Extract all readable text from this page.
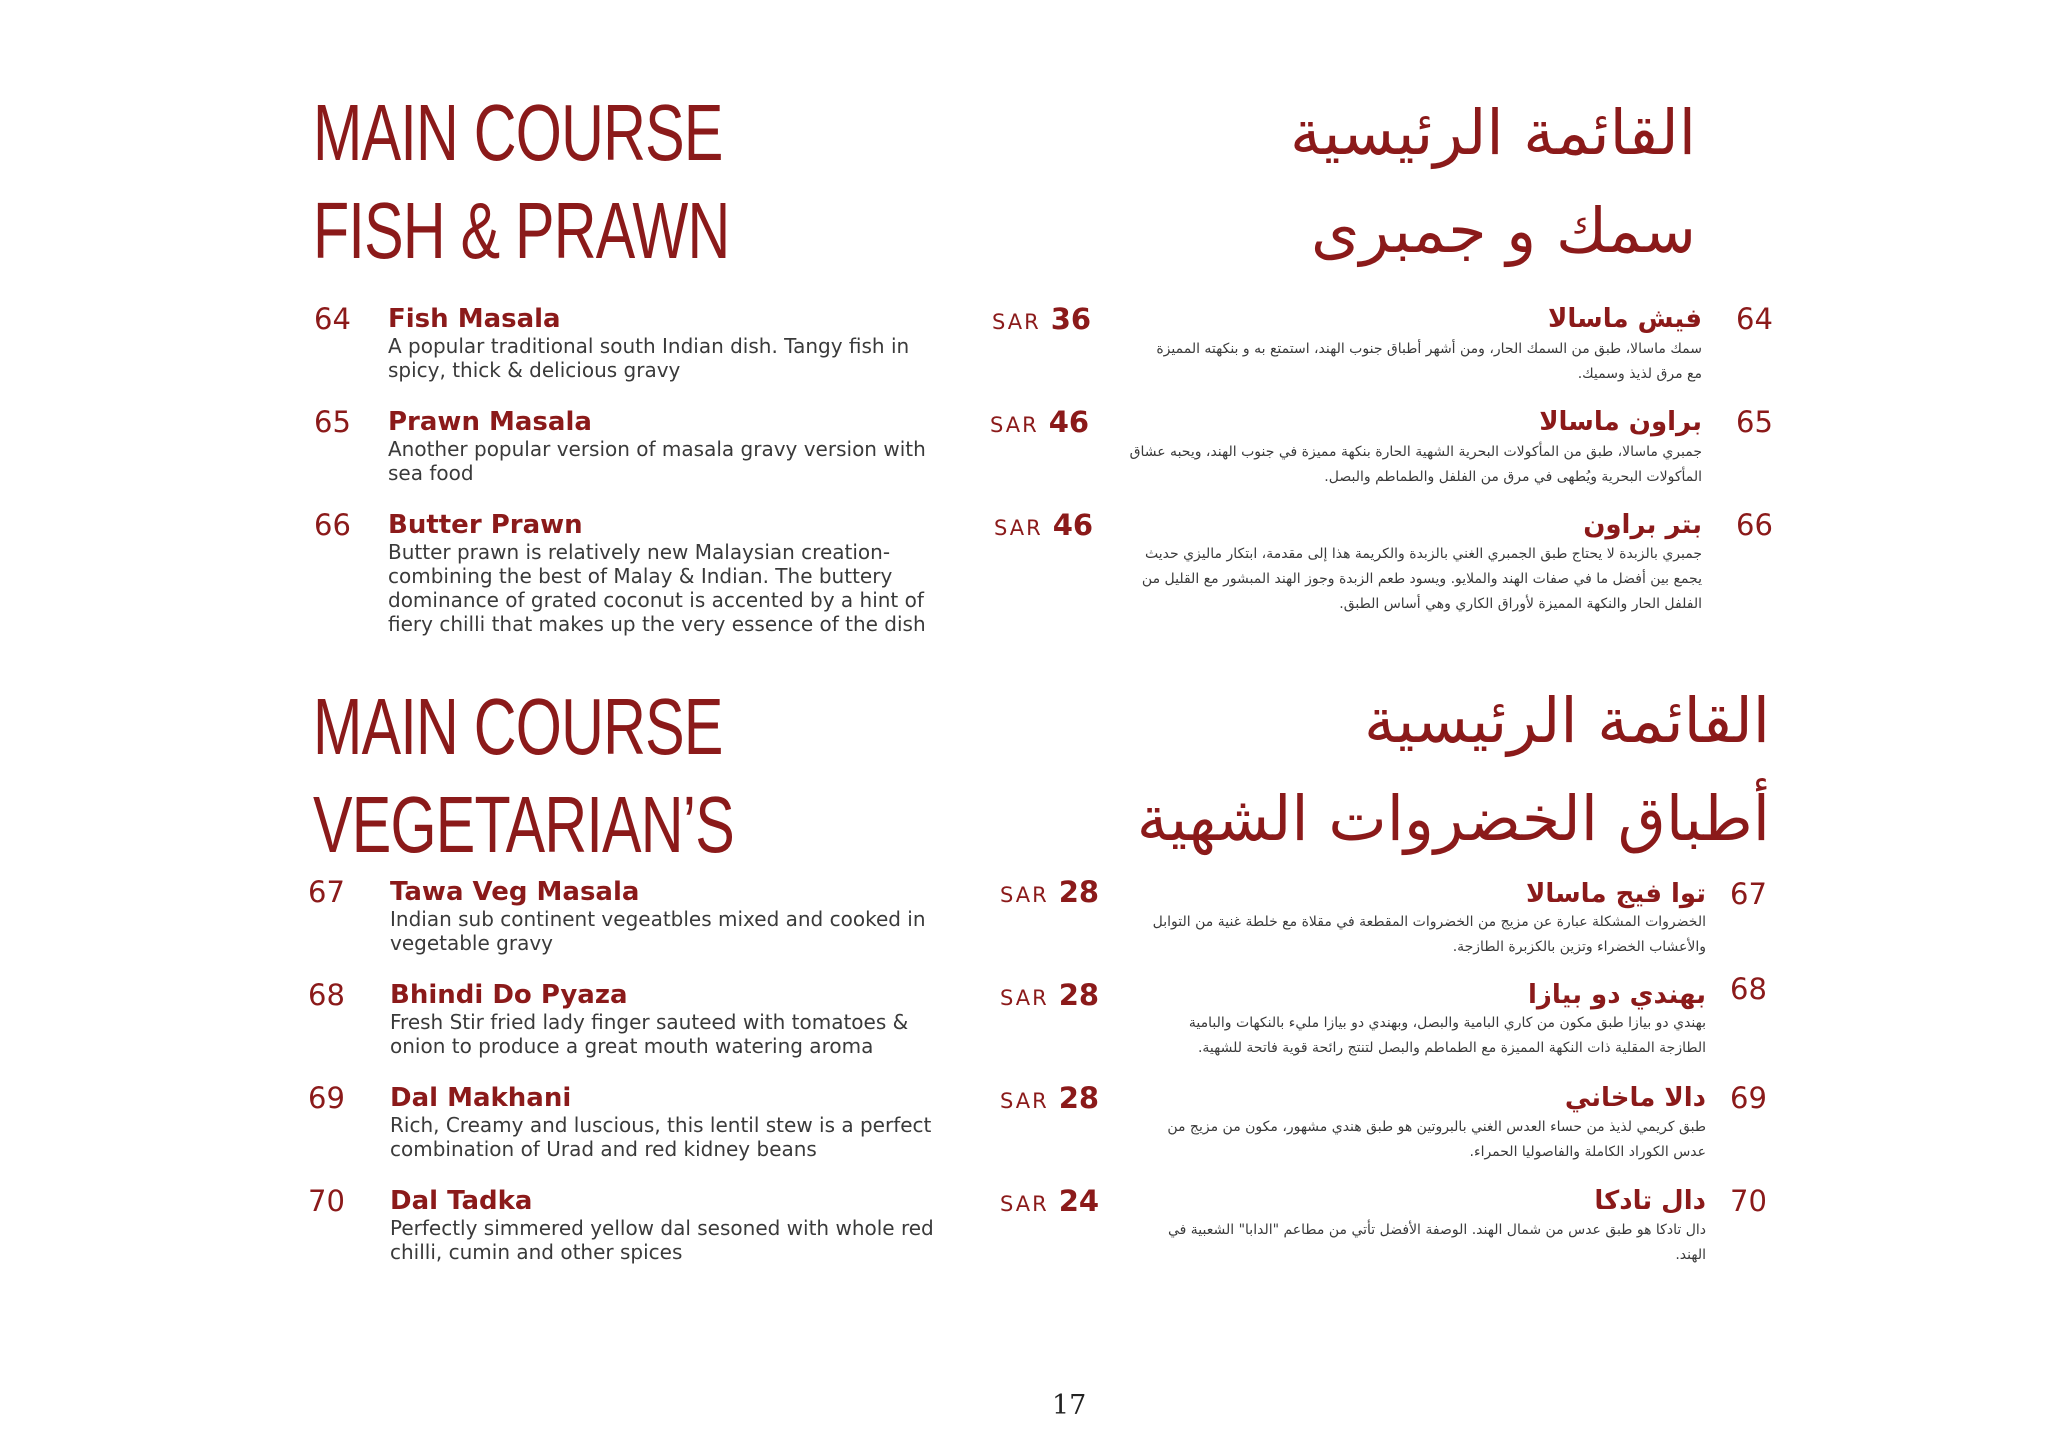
MAIN COURSE
FISH & PRAWN
القائمة الرئيسية
سمك و جمبرى
64 Fish Masala
A popular traditional south Indian dish. Tangy fish in spicy, thick & delicious gravy
SAR 36	64
فيش ماسالا
سمك ماسالا، طبق من السمك الحار، ومن أشهر أطباق جنوب الهند، استمتع به و بنكهته المميزة مع مرق لذيذ وسميك.
65 Prawn Masala
Another popular version of masala gravy version with sea food
SAR 46	65
براون ماسالا
جمبري ماسالا، طبق من المأكولات البحرية الشهية الحارة بنكهة مميزة في جنوب الهند، ويحبه عشاق المأكولات البحرية ويُطهى في مرق من الفلفل والطماطم والبصل.
66 Butter Prawn
Butter prawn is relatively new Malaysian creation- combining the best of Malay & Indian. The buttery dominance of grated coconut is accented by a hint of fiery chilli that makes up the very essence of the dish
SAR 46	66
بتر براون
جمبري بالزبدة لا يحتاج طبق الجمبري الغني بالزبدة والكريمة هذا إلى مقدمة، ابتكار ماليزي حديث يجمع بين أفضل ما في صفات الهند والملايو. ويسود طعم الزبدة وجوز الهند المبشور مع القليل من الفلفل الحار والنكهة المميزة لأوراق الكاري وهي أساس الطبق.
MAIN COURSE
VEGETARIAN’S
القائمة الرئيسية
أطباق الخضروات الشهية
67 Tawa Veg Masala
Indian sub continent vegeatbles mixed and cooked in vegetable gravy
SAR 28	67
توا فيج ماسالا
الخضروات المشكلة عبارة عن مزيج من الخضروات المقطعة في مقلاة مع خلطة غنية من التوابل والأعشاب الخضراء وتزين بالكزبرة الطازجة.
68 Bhindi Do Pyaza
Fresh Stir fried lady finger sauteed with tomatoes & onion to produce a great mouth watering aroma
SAR 28	68
بهندي دو بيازا
بهندي دو بيازا طبق مكون من كاري البامية والبصل، وبهندي دو بيازا مليء بالنكهات والبامية الطازجة المقلية ذات النكهة المميزة مع الطماطم والبصل لتنتج رائحة قوية فاتحة للشهية.
69 Dal Makhani
Rich, Creamy and luscious, this lentil stew is a perfect combination of Urad and red kidney beans
SAR 28	69
دالا ماخاني
طبق كريمي لذيذ من حساء العدس الغني بالبروتين هو طبق هندي مشهور، مكون من مزيج من عدس الكوراد الكاملة والفاصوليا الحمراء.
70 Dal Tadka
Perfectly simmered yellow dal sesoned with whole red chilli, cumin and other spices
SAR 24	70
دال تادكا
دال تادكا هو طبق عدس من شمال الهند. الوصفة الأفضل تأتي من مطاعم "الدابا" الشعبية في الهند.
17
